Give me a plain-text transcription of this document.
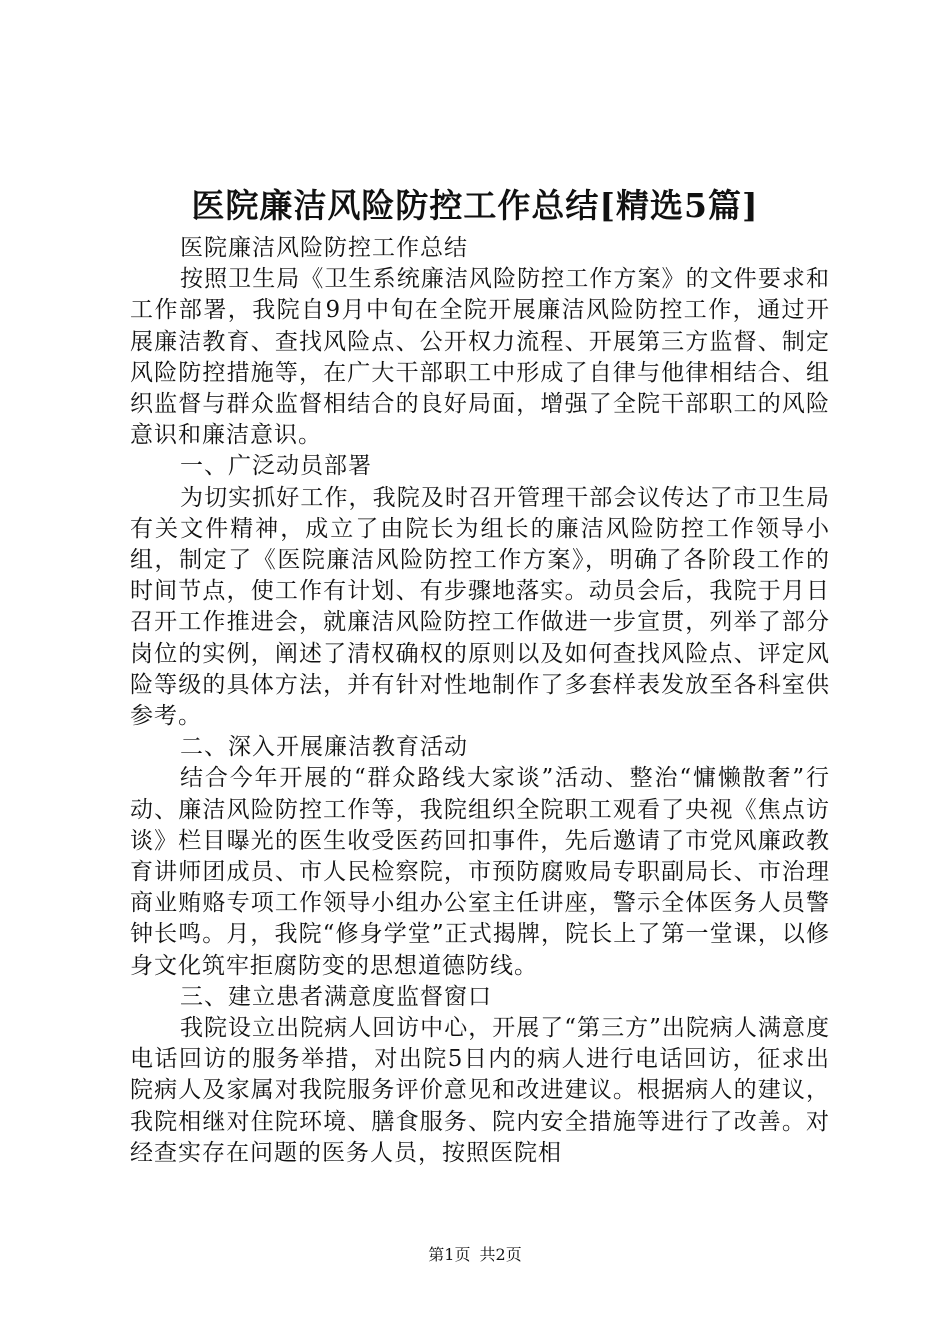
医院廉洁风险防控工作总结[精选5篇]

医院廉洁风险防控工作总结

按照卫生局《卫生系统廉洁风险防控工作方案》的文件要求和工作部署，我院自9月中旬在全院开展廉洁风险防控工作，通过开展廉洁教育、查找风险点、公开权力流程、开展第三方监督、制定风险防控措施等，在广大干部职工中形成了自律与他律相结合、组织监督与群众监督相结合的良好局面，增强了全院干部职工的风险意识和廉洁意识。

一、广泛动员部署

为切实抓好工作，我院及时召开管理干部会议传达了市卫生局有关文件精神，成立了由院长为组长的廉洁风险防控工作领导小组，制定了《医院廉洁风险防控工作方案》，明确了各阶段工作的时间节点，使工作有计划、有步骤地落实。动员会后，我院于月日召开工作推进会，就廉洁风险防控工作做进一步宣贯，列举了部分岗位的实例，阐述了清权确权的原则以及如何查找风险点、评定风险等级的具体方法，并有针对性地制作了多套样表发放至各科室供参考。

二、深入开展廉洁教育活动

结合今年开展的“群众路线大家谈”活动、整治“慵懒散奢”行动、廉洁风险防控工作等，我院组织全院职工观看了央视《焦点访谈》栏目曝光的医生收受医药回扣事件，先后邀请了市党风廉政教育讲师团成员、市人民检察院，市预防腐败局专职副局长、市治理商业贿赂专项工作领导小组办公室主任讲座，警示全体医务人员警钟长鸣。月，我院“修身学堂”正式揭牌，院长上了第一堂课，以修身文化筑牢拒腐防变的思想道德防线。

三、建立患者满意度监督窗口

我院设立出院病人回访中心，开展了“第三方”出院病人满意度电话回访的服务举措，对出院5日内的病人进行电话回访，征求出院病人及家属对我院服务评价意见和改进建议。根据病人的建议，我院相继对住院环境、膳食服务、院内安全措施等进行了改善。对经查实存在问题的医务人员，按照医院相

第1页 共2页
